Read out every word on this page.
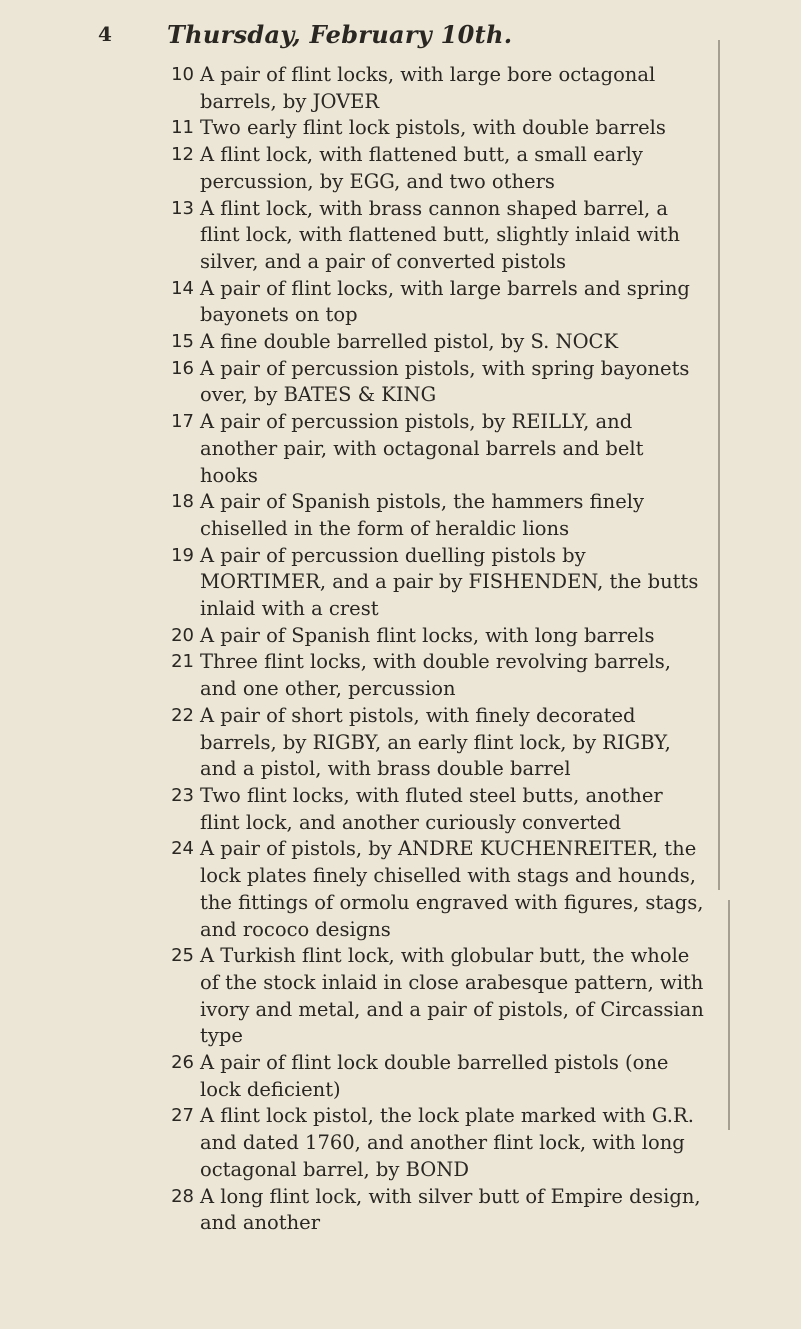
4 Thursday, February 10th.
10 A pair of flint locks, with large bore octagonal barrels, by JOVER
11 Two early flint lock pistols, with double barrels
12 A flint lock, with flattened butt, a small early percussion, by EGG, and two others
13 A flint lock, with brass cannon shaped barrel, a flint lock, with flattened butt, slightly inlaid with silver, and a pair of converted pistols
14 A pair of flint locks, with large barrels and spring bayonets on top
15 A fine double barrelled pistol, by S. NOCK
16 A pair of percussion pistols, with spring bayonets over, by BATES & KING
17 A pair of percussion pistols, by REILLY, and another pair, with octagonal barrels and belt hooks
18 A pair of Spanish pistols, the hammers finely chiselled in the form of heraldic lions
19 A pair of percussion duelling pistols by MORTIMER, and a pair by FISHENDEN, the butts inlaid with a crest
20 A pair of Spanish flint locks, with long barrels
21 Three flint locks, with double revolving barrels, and one other, percussion
22 A pair of short pistols, with finely decorated barrels, by RIGBY, an early flint lock, by RIGBY, and a pistol, with brass double barrel
23 Two flint locks, with fluted steel butts, another flint lock, and another curiously converted
24 A pair of pistols, by ANDRE KUCHENREITER, the lock plates finely chiselled with stags and hounds, the fittings of ormolu engraved with figures, stags, and rococo designs
25 A Turkish flint lock, with globular butt, the whole of the stock inlaid in close arabesque pattern, with ivory and metal, and a pair of pistols, of Circassian type
26 A pair of flint lock double barrelled pistols (one lock deficient)
27 A flint lock pistol, the lock plate marked with G.R. and dated 1760, and another flint lock, with long octagonal barrel, by BOND
28 A long flint lock, with silver butt of Empire design, and another
